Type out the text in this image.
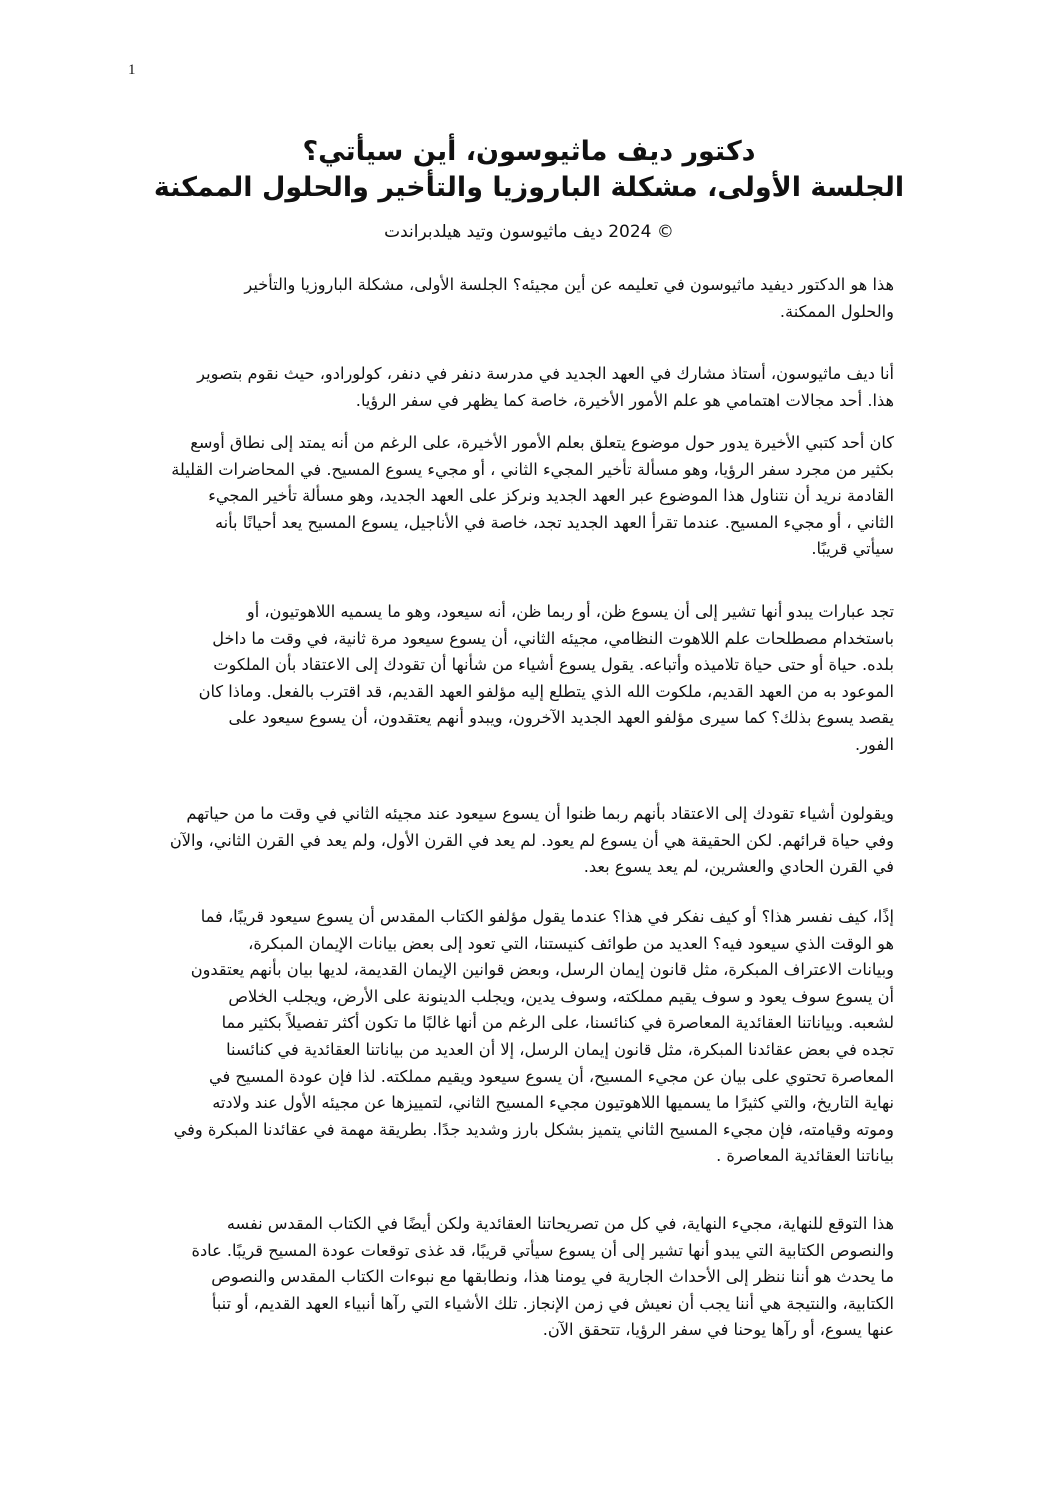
1
دكتور ديف ماثيوسون، أين سيأتي؟
الجلسة الأولى، مشكلة الباروزيا والتأخير والحلول الممكنة
© 2024 ديف ماثيوسون وتيد هيلدبراندت
هذا هو الدكتور ديفيد ماثيوسون في تعليمه عن أين مجيئه؟ الجلسة الأولى، مشكلة الباروزيا والتأخير
والحلول الممكنة.
أنا ديف ماثيوسون، أستاذ مشارك في العهد الجديد في مدرسة دنفر في دنفر، كولورادو، حيث نقوم بتصوير
هذا. أحد مجالات اهتمامي هو علم الأمور الأخيرة، خاصة كما يظهر في سفر الرؤيا.
كان أحد كتبي الأخيرة يدور حول موضوع يتعلق بعلم الأمور الأخيرة، على الرغم من أنه يمتد إلى نطاق أوسع
بكثير من مجرد سفر الرؤيا، وهو مسألة تأخير المجيء الثاني ، أو مجيء يسوع المسيح. في المحاضرات القليلة
القادمة نريد أن نتناول هذا الموضوع عبر العهد الجديد ونركز على العهد الجديد، وهو مسألة تأخير المجيء
الثاني ، أو مجيء المسيح. عندما تقرأ العهد الجديد تجد، خاصة في الأناجيل، يسوع المسيح يعد أحيانًا بأنه
سيأتي قريبًا.
تجد عبارات يبدو أنها تشير إلى أن يسوع ظن، أو ربما ظن، أنه سيعود، وهو ما يسميه اللاهوتيون، أو
باستخدام مصطلحات علم اللاهوت النظامي، مجيئه الثاني، أن يسوع سيعود مرة ثانية، في وقت ما داخل
بلده. حياة أو حتى حياة تلاميذه وأتباعه. يقول يسوع أشياء من شأنها أن تقودك إلى الاعتقاد بأن الملكوت
الموعود به من العهد القديم، ملكوت الله الذي يتطلع إليه مؤلفو العهد القديم، قد اقترب بالفعل. وماذا كان
يقصد يسوع بذلك؟ كما سيرى مؤلفو العهد الجديد الآخرون، ويبدو أنهم يعتقدون، أن يسوع سيعود على
الفور.
ويقولون أشياء تقودك إلى الاعتقاد بأنهم ربما ظنوا أن يسوع سيعود عند مجيئه الثاني في وقت ما من حياتهم
وفي حياة قرائهم. لكن الحقيقة هي أن يسوع لم يعود. لم يعد في القرن الأول، ولم يعد في القرن الثاني، والآن
في القرن الحادي والعشرين، لم يعد يسوع بعد.
إذًا، كيف نفسر هذا؟ أو كيف نفكر في هذا؟ عندما يقول مؤلفو الكتاب المقدس أن يسوع سيعود قريبًا، فما
هو الوقت الذي سيعود فيه؟ العديد من طوائف كنيستنا، التي تعود إلى بعض بيانات الإيمان المبكرة،
وبيانات الاعتراف المبكرة، مثل قانون إيمان الرسل، وبعض قوانين الإيمان القديمة، لديها بيان بأنهم يعتقدون
أن يسوع سوف يعود و سوف يقيم مملكته، وسوف يدين، ويجلب الدينونة على الأرض، ويجلب الخلاص
لشعبه. وبياناتنا العقائدية المعاصرة في كنائسنا، على الرغم من أنها غالبًا ما تكون أكثر تفصيلاً بكثير مما
تجده في بعض عقائدنا المبكرة، مثل قانون إيمان الرسل، إلا أن العديد من بياناتنا العقائدية في كنائسنا
المعاصرة تحتوي على بيان عن مجيء المسيح، أن يسوع سيعود ويقيم مملكته. لذا فإن عودة المسيح في
نهاية التاريخ، والتي كثيرًا ما يسميها اللاهوتيون مجيء المسيح الثاني، لتمييزها عن مجيئه الأول عند ولادته
وموته وقيامته، فإن مجيء المسيح الثاني يتميز بشكل بارز وشديد جدًا. بطريقة مهمة في عقائدنا المبكرة وفي
بياناتنا العقائدية المعاصرة .
هذا التوقع للنهاية، مجيء النهاية، في كل من تصريحاتنا العقائدية ولكن أيضًا في الكتاب المقدس نفسه
والنصوص الكتابية التي يبدو أنها تشير إلى أن يسوع سيأتي قريبًا، قد غذى توقعات عودة المسيح قريبًا. عادة
ما يحدث هو أننا ننظر إلى الأحداث الجارية في يومنا هذا، ونطابقها مع نبوءات الكتاب المقدس والنصوص
الكتابية، والنتيجة هي أننا يجب أن نعيش في زمن الإنجاز. تلك الأشياء التي رآها أنبياء العهد القديم، أو تنبأ
عنها يسوع، أو رآها يوحنا في سفر الرؤيا، تتحقق الآن.
